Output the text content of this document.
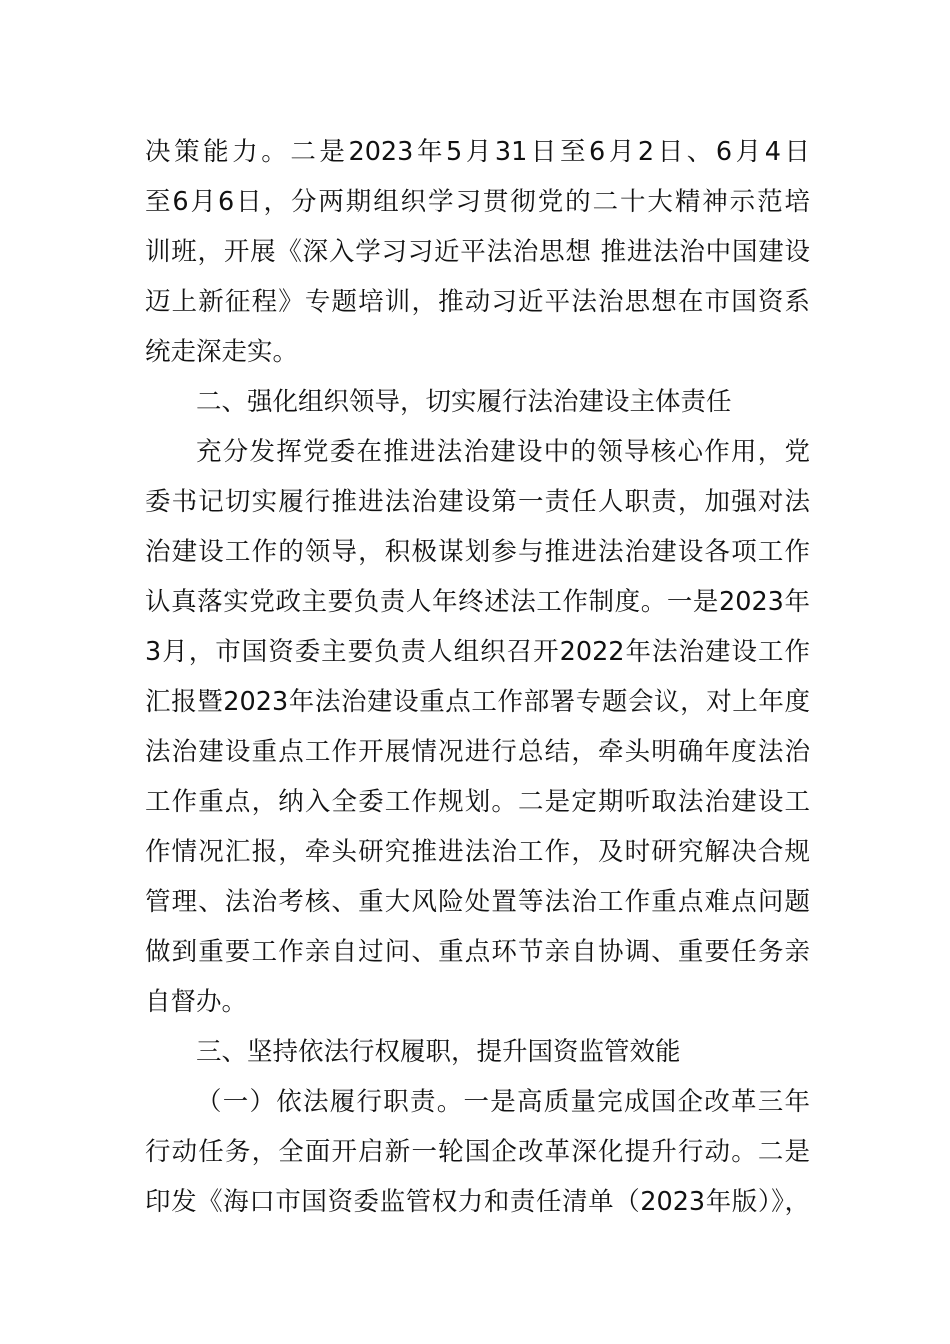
决策能力。二是2023年5月31日至6月2日、6月4日
至6月6日，分两期组织学习贯彻党的二十大精神示范培
训班，开展《深入学习习近平法治思想 推进法治中国建设
迈上新征程》专题培训，推动习近平法治思想在市国资系
统走深走实。
二、强化组织领导，切实履行法治建设主体责任
充分发挥党委在推进法治建设中的领导核心作用，党
委书记切实履行推进法治建设第一责任人职责，加强对法
治建设工作的领导，积极谋划参与推进法治建设各项工作
认真落实党政主要负责人年终述法工作制度。一是2023年
3月，市国资委主要负责人组织召开2022年法治建设工作
汇报暨2023年法治建设重点工作部署专题会议，对上年度
法治建设重点工作开展情况进行总结，牵头明确年度法治
工作重点，纳入全委工作规划。二是定期听取法治建设工
作情况汇报，牵头研究推进法治工作，及时研究解决合规
管理、法治考核、重大风险处置等法治工作重点难点问题
做到重要工作亲自过问、重点环节亲自协调、重要任务亲
自督办。
三、坚持依法行权履职，提升国资监管效能
（一）依法履行职责。一是高质量完成国企改革三年
行动任务，全面开启新一轮国企改革深化提升行动。二是
印发《海口市国资委监管权力和责任清单（2023年版）》，
